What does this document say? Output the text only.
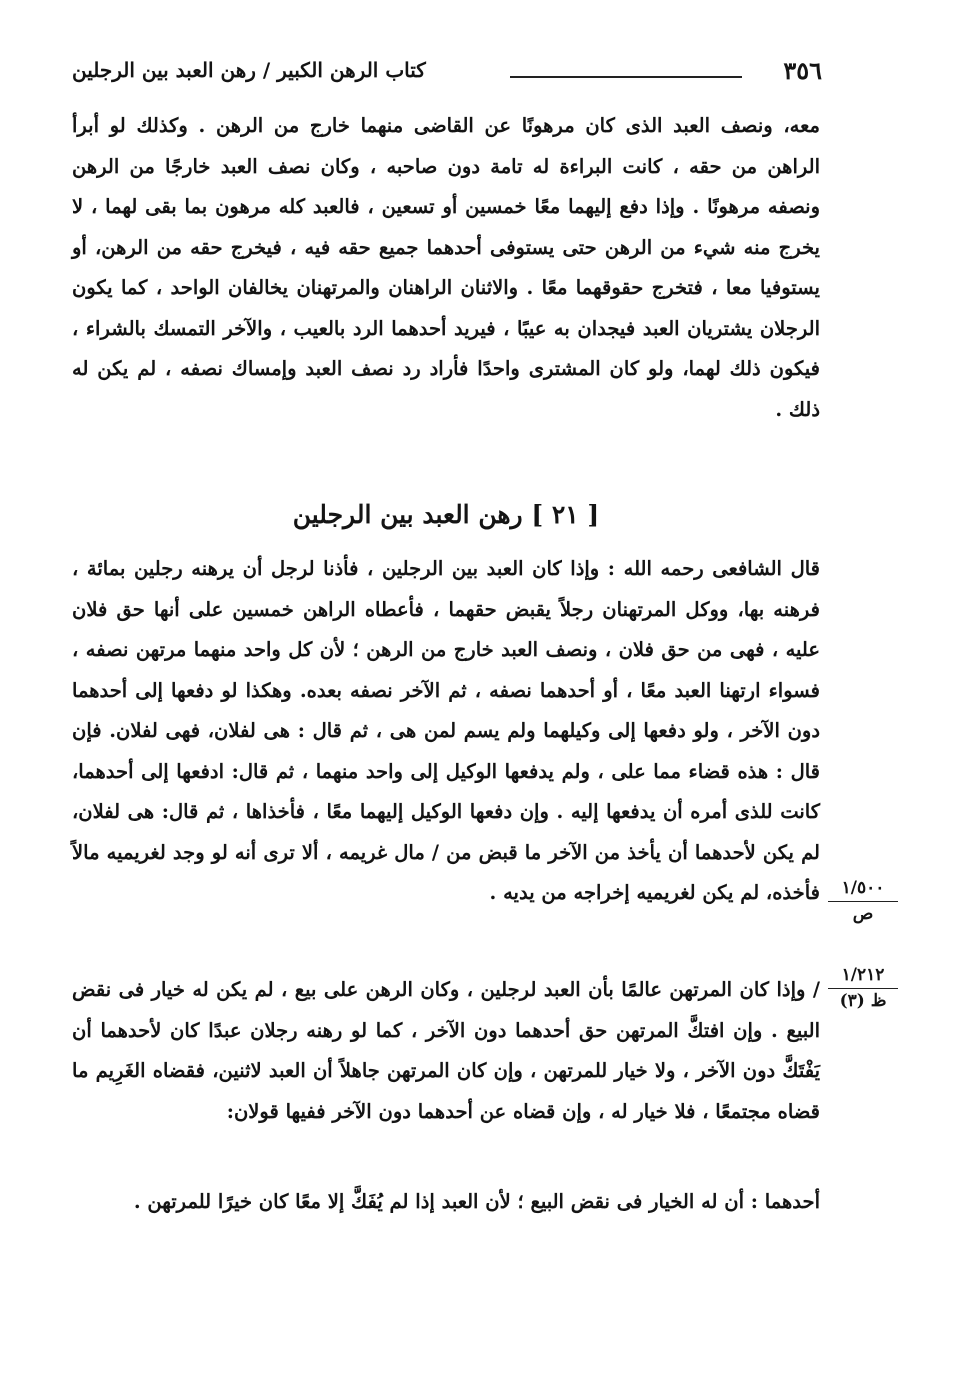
٣٥٦
كتاب الرهن الكبير / رهن العبد بين الرجلين

معه، ونصف العبد الذى كان مرهونًا عن القاضى منهما خارج من الرهن . وكذلك لو أبرأ الراهن من حقه ، كانت البراءة له تامة دون صاحبه ، وكان نصف العبد خارجًا من الرهن ونصفه مرهونًا . وإذا دفع إليهما معًا خمسين أو تسعين ، فالعبد كله مرهون بما بقى لهما ، لا يخرج منه شيء من الرهن حتى يستوفى أحدهما جميع حقه فيه ، فيخرج حقه من الرهن، أو يستوفيا معا ، فتخرج حقوقهما معًا . والاثنان الراهنان والمرتهنان يخالفان الواحد ، كما يكون الرجلان يشتريان العبد فيجدان به عيبًا ، فيريد أحدهما الرد بالعيب ، والآخر التمسك بالشراء ، فيكون ذلك لهما، ولو كان المشترى واحدًا فأراد رد نصف العبد وإمساك نصفه ، لم يكن له ذلك .

[ ٢١ ] رهن العبد بين الرجلين

قال الشافعى رحمه الله : وإذا كان العبد بين الرجلين ، فأذنا لرجل أن يرهنه رجلين بمائة ، فرهنه بها، ووكل المرتهنان رجلاً يقبض حقهما ، فأعطاه الراهن خمسين على أنها حق فلان عليه ، فهى من حق فلان ، ونصف العبد خارج من الرهن ؛ لأن كل واحد منهما مرتهن نصفه ، فسواء ارتهنا العبد معًا ، أو أحدهما نصفه ، ثم الآخر نصفه بعده. وهكذا لو دفعها إلى أحدهما دون الآخر ، ولو دفعها إلى وكيلهما ولم يسم لمن هى ، ثم قال : هى لفلان، فهى لفلان. فإن قال : هذه قضاء مما على ، ولم يدفعها الوكيل إلى واحد منهما ، ثم قال: ادفعها إلى أحدهما، كانت للذى أمره أن يدفعها إليه . وإن دفعها الوكيل إليهما معًا ، فأخذاها ، ثم قال: هى لفلان، لم يكن لأحدهما أن يأخذ من الآخر ما قبض من / مال غريمه ، ألا ترى أنه لو وجد لغريميه مالاً فأخذه، لم يكن لغريميه إخراجه من يديه .

/ وإذا كان المرتهن عالمًا بأن العبد لرجلين ، وكان الرهن على بيع ، لم يكن له خيار فى نقض البيع . وإن افتكَّ المرتهن حق أحدهما دون الآخر ، كما لو رهنه رجلان عبدًا كان لأحدهما أن يَفْتَكَّ دون الآخر ، ولا خيار للمرتهن ، وإن كان المرتهن جاهلاً أن العبد لاثنين، فقضاه الغَرِيم ما قضاه مجتمعًا ، فلا خيار له ، وإن قضاه عن أحدهما دون الآخر ففيها قولان:

أحدهما : أن له الخيار فى نقض البيع ؛ لأن العبد إذا لم يُفَكَّ إلا معًا كان خيرًا للمرتهن .

١/٥٠٠
ص
١/٢١٢
ظ (٣)
